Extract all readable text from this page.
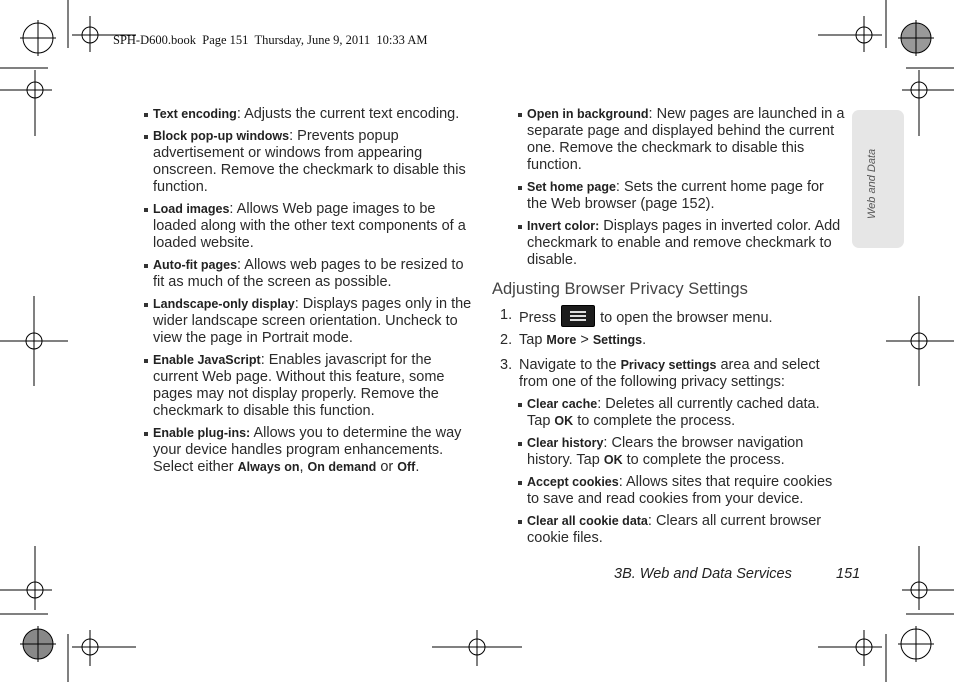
SPH-D600.book  Page 151  Thursday, June 9, 2011  10:33 AM
Web and Data
Text encoding: Adjusts the current text encoding.
Block pop-up windows: Prevents popup advertisement or windows from appearing onscreen. Remove the checkmark to disable this function.
Load images: Allows Web page images to be loaded along with the other text components of a loaded website.
Auto-fit pages: Allows web pages to be resized to fit as much of the screen as possible.
Landscape-only display: Displays pages only in the wider landscape screen orientation. Uncheck to view the page in Portrait mode.
Enable JavaScript: Enables javascript for the current Web page. Without this feature, some pages may not display properly. Remove the checkmark to disable this function.
Enable plug-ins: Allows you to determine the way your device handles program enhancements. Select either Always on, On demand or Off.
Open in background: New pages are launched in a separate page and displayed behind the current one. Remove the checkmark to disable this function.
Set home page: Sets the current home page for the Web browser (page 152).
Invert color: Displays pages in inverted color. Add checkmark to enable and remove checkmark to disable.
Adjusting Browser Privacy Settings
1. Press	to open the browser menu.
2. Tap More > Settings.
3. Navigate to the Privacy settings area and select from one of the following privacy settings:
Clear cache: Deletes all currently cached data. Tap OK to complete the process.
Clear history: Clears the browser navigation history. Tap OK to complete the process.
Accept cookies: Allows sites that require cookies to save and read cookies from your device.
Clear all cookie data: Clears all current browser cookie files.
3B. Web and Data Services	151
